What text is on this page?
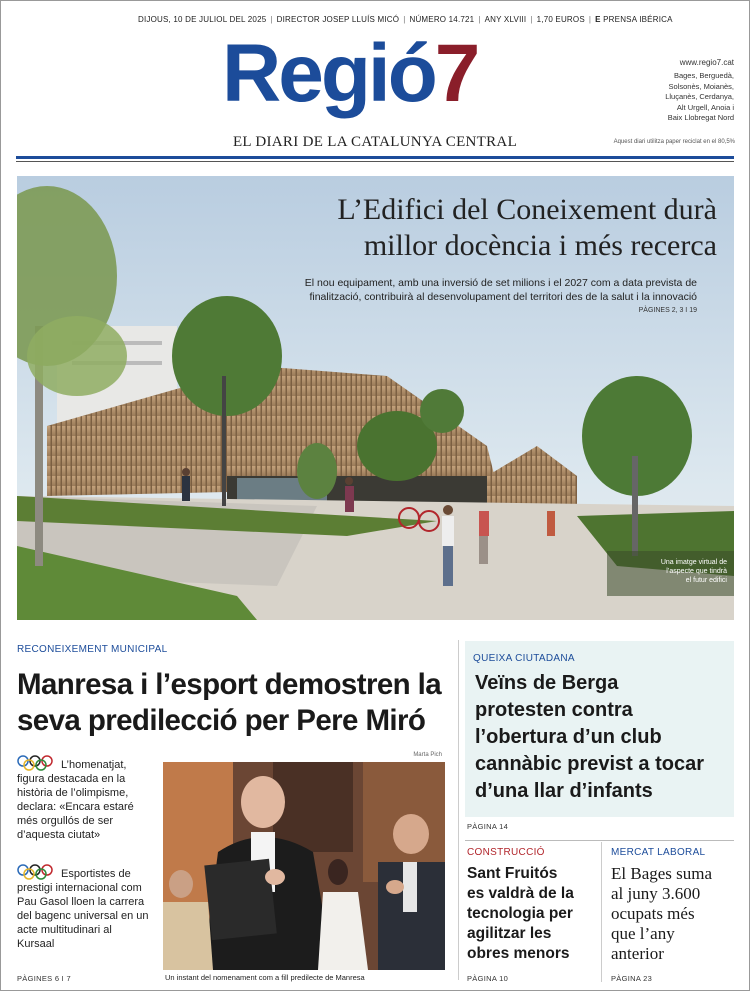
DIJOUS, 10 DE JULIOL DEL 2025 | DIRECTOR JOSEP LLUÍS MICÓ | NÚMERO 14.721 | ANY XLVIII | 1,70 EUROS | E PRENSA IBÉRICA
Regió7
EL DIARI DE LA CATALUNYA CENTRAL
www.regio7.cat
Bages, Berguedà,
Solsonès, Moianès,
Lluçanès, Cerdanya,
Alt Urgell, Anoia i
Baix Llobregat Nord
Aquest diari utilitza paper reciclat en el 80,5%
L’Edifici del Coneixement durà
millor docència i més recerca
El nou equipament, amb una inversió de set milions i el 2027 com a data prevista de
finalització, contribuirà al desenvolupament del territori des de la salut i la innovació
PÀGINES 2, 3 I 19
Una imatge virtual de
l’aspecte que tindrà
el futur edifici
RECONEIXEMENT MUNICIPAL
Manresa i l’esport demostren la
seva predilecció per Pere Miró
Marta Pich
L’homenatjat, figura destacada en la història de l’olimpisme, declara: «Encara estaré més orgullós de ser d’aquesta ciutat»
Esportistes de prestigi internacional com Pau Gasol lloen la carrera del bagenc universal en un acte multitudinari al Kursaal
PÀGINES 6 I 7	Un instant del nomenament com a fill predilecte de Manresa
QUEIXA CIUTADANA
Veïns de Berga
protesten contra
l’obertura d’un club
cannàbic previst a tocar
d’una llar d’infants
PÀGINA 14
CONSTRUCCIÓ
Sant Fruitós
es valdrà de la
tecnologia per
agilitzar les
obres menors
PÀGINA 10
MERCAT LABORAL
El Bages suma
al juny 3.600
ocupats més
que l’any
anterior
PÀGINA 23
